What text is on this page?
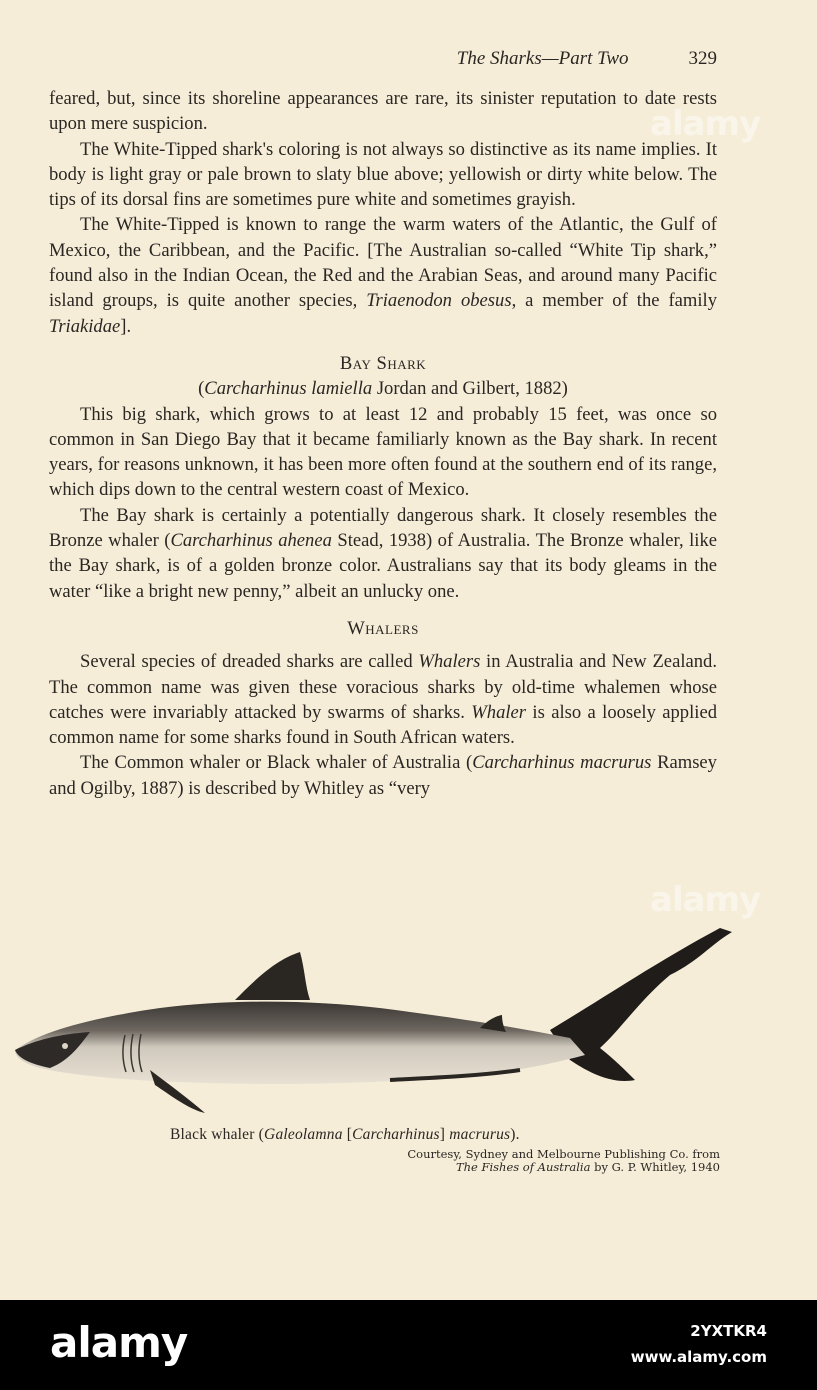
The Sharks—Part Two	329

feared, but, since its shoreline appearances are rare, its sinister reputation to date rests upon mere suspicion.

The White-Tipped shark's coloring is not always so distinctive as its name implies. It body is light gray or pale brown to slaty blue above; yellowish or dirty white below. The tips of its dorsal fins are sometimes pure white and sometimes grayish.

The White-Tipped is known to range the warm waters of the Atlantic, the Gulf of Mexico, the Caribbean, and the Pacific. [The Australian so-called “White Tip shark,” found also in the Indian Ocean, the Red and the Arabian Seas, and around many Pacific island groups, is quite another species, Triaenodon obesus, a member of the family Triakidae].

Bay Shark

(Carcharhinus lamiella Jordan and Gilbert, 1882)

This big shark, which grows to at least 12 and probably 15 feet, was once so common in San Diego Bay that it became familiarly known as the Bay shark. In recent years, for reasons unknown, it has been more often found at the southern end of its range, which dips down to the central western coast of Mexico.

The Bay shark is certainly a potentially dangerous shark. It closely resembles the Bronze whaler (Carcharhinus ahenea Stead, 1938) of Australia. The Bronze whaler, like the Bay shark, is of a golden bronze color. Australians say that its body gleams in the water “like a bright new penny,” albeit an unlucky one.

Whalers

Several species of dreaded sharks are called Whalers in Australia and New Zealand. The common name was given these voracious sharks by old-time whalemen whose catches were invariably attacked by swarms of sharks. Whaler is also a loosely applied common name for some sharks found in South African waters.

The Common whaler or Black whaler of Australia (Carcharhinus macrurus Ramsey and Ogilby, 1887) is described by Whitley as “very

Black whaler (Galeolamna [Carcharhinus] macrurus).
Courtesy, Sydney and Melbourne Publishing Co. from
The Fishes of Australia by G. P. Whitley, 1940
alamy
alamy
alamy	2YXTKR4
www.alamy.com
